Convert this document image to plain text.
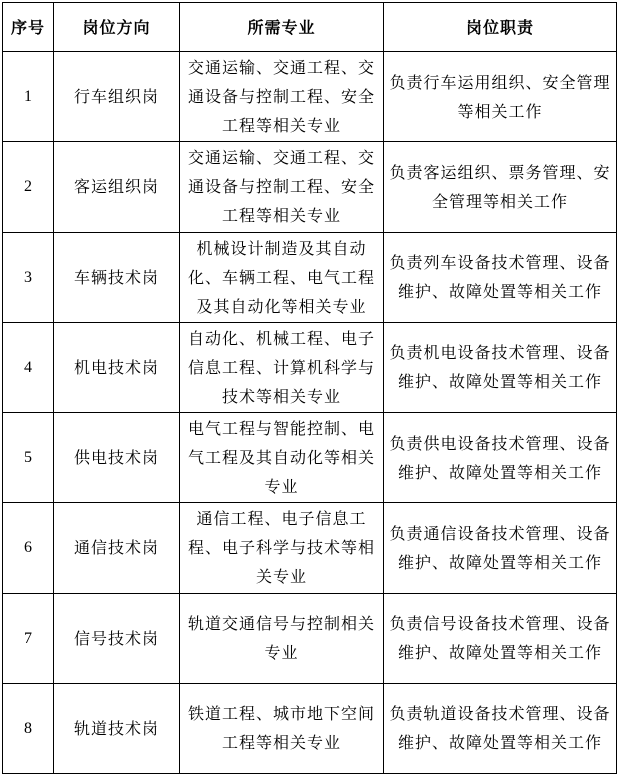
序号	岗位方向	所需专业	岗位职责
1	行车组织岗	交通运输、交通工程、交通设备与控制工程、安全工程等相关专业	负责行车运用组织、安全管理等相关工作
2	客运组织岗	交通运输、交通工程、交通设备与控制工程、安全工程等相关专业	负责客运组织、票务管理、安全管理等相关工作
3	车辆技术岗	机械设计制造及其自动化、车辆工程、电气工程及其自动化等相关专业	负责列车设备技术管理、设备维护、故障处置等相关工作
4	机电技术岗	自动化、机械工程、电子信息工程、计算机科学与技术等相关专业	负责机电设备技术管理、设备维护、故障处置等相关工作
5	供电技术岗	电气工程与智能控制、电气工程及其自动化等相关专业	负责供电设备技术管理、设备维护、故障处置等相关工作
6	通信技术岗	通信工程、电子信息工程、电子科学与技术等相关专业	负责通信设备技术管理、设备维护、故障处置等相关工作
7	信号技术岗	轨道交通信号与控制相关专业	负责信号设备技术管理、设备维护、故障处置等相关工作
8	轨道技术岗	铁道工程、城市地下空间工程等相关专业	负责轨道设备技术管理、设备维护、故障处置等相关工作
